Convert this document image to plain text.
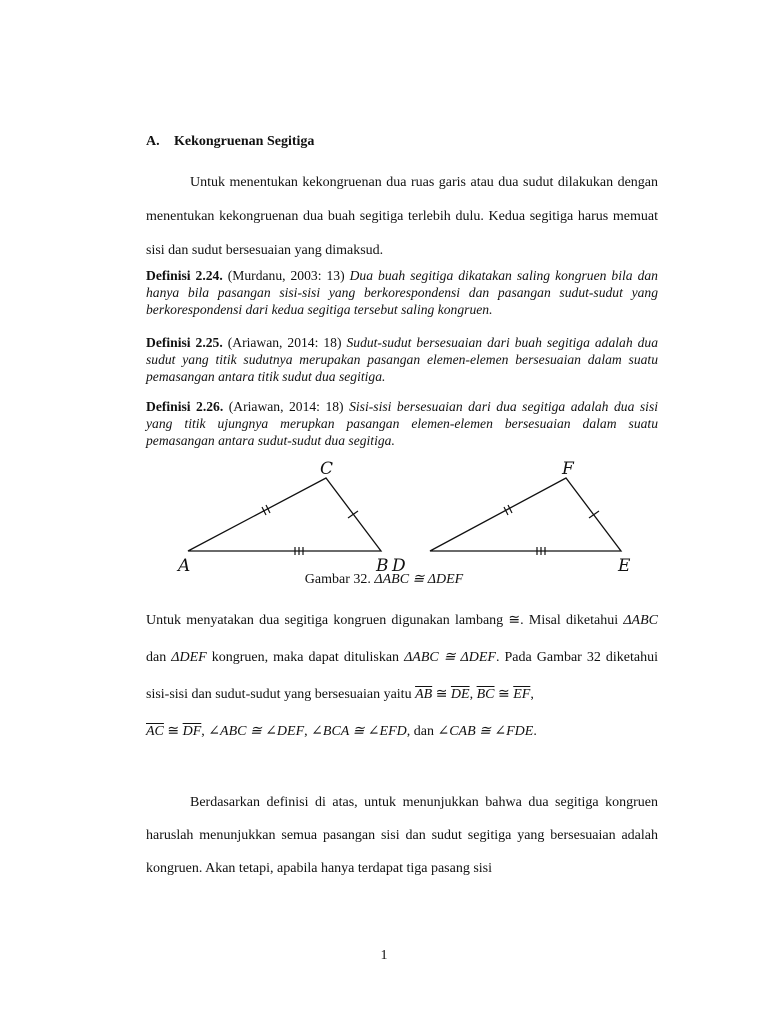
A. Kekongruenan Segitiga

Untuk menentukan kekongruenan dua ruas garis atau dua sudut dilakukan dengan menentukan kekongruenan dua buah segitiga terlebih dulu. Kedua segitiga harus memuat sisi dan sudut bersesuaian yang dimaksud.

Definisi 2.24. (Murdanu, 2003: 13) Dua buah segitiga dikatakan saling kongruen bila dan hanya bila pasangan sisi-sisi yang berkorespondensi dan pasangan sudut-sudut yang berkorespondensi dari kedua segitiga tersebut saling kongruen.

Definisi 2.25. (Ariawan, 2014: 18) Sudut-sudut bersesuaian dari buah segitiga adalah dua sudut yang titik sudutnya merupakan pasangan elemen-elemen bersesuaian dalam suatu pemasangan antara titik sudut dua segitiga.

Definisi 2.26. (Ariawan, 2014: 18) Sisi-sisi bersesuaian dari dua segitiga adalah dua sisi yang titik ujungnya merupkan pasangan elemen-elemen bersesuaian dalam suatu pemasangan antara sudut-sudut dua segitiga.

A	B
C
D	E
F
Gambar 32. ΔABC ≅ ΔDEF

Untuk menyatakan dua segitiga kongruen digunakan lambang ≅. Misal diketahui ΔABC dan ΔDEF kongruen, maka dapat dituliskan ΔABC ≅ ΔDEF. Pada Gambar 32 diketahui sisi-sisi dan sudut-sudut yang bersesuaian yaitu $\overline{AB}$ ≅ $\overline{DE}$, $\overline{BC}$ ≅ $\overline{EF}$,
$\overline{AC}$ ≅ $\overline{DF}$, ∠ABC ≅ ∠DEF, ∠BCA ≅ ∠EFD, dan ∠CAB ≅ ∠FDE.

Berdasarkan definisi di atas, untuk menunjukkan bahwa dua segitiga kongruen haruslah menunjukkan semua pasangan sisi dan sudut segitiga yang bersesuaian adalah kongruen. Akan tetapi, apabila hanya terdapat tiga pasang sisi

1
